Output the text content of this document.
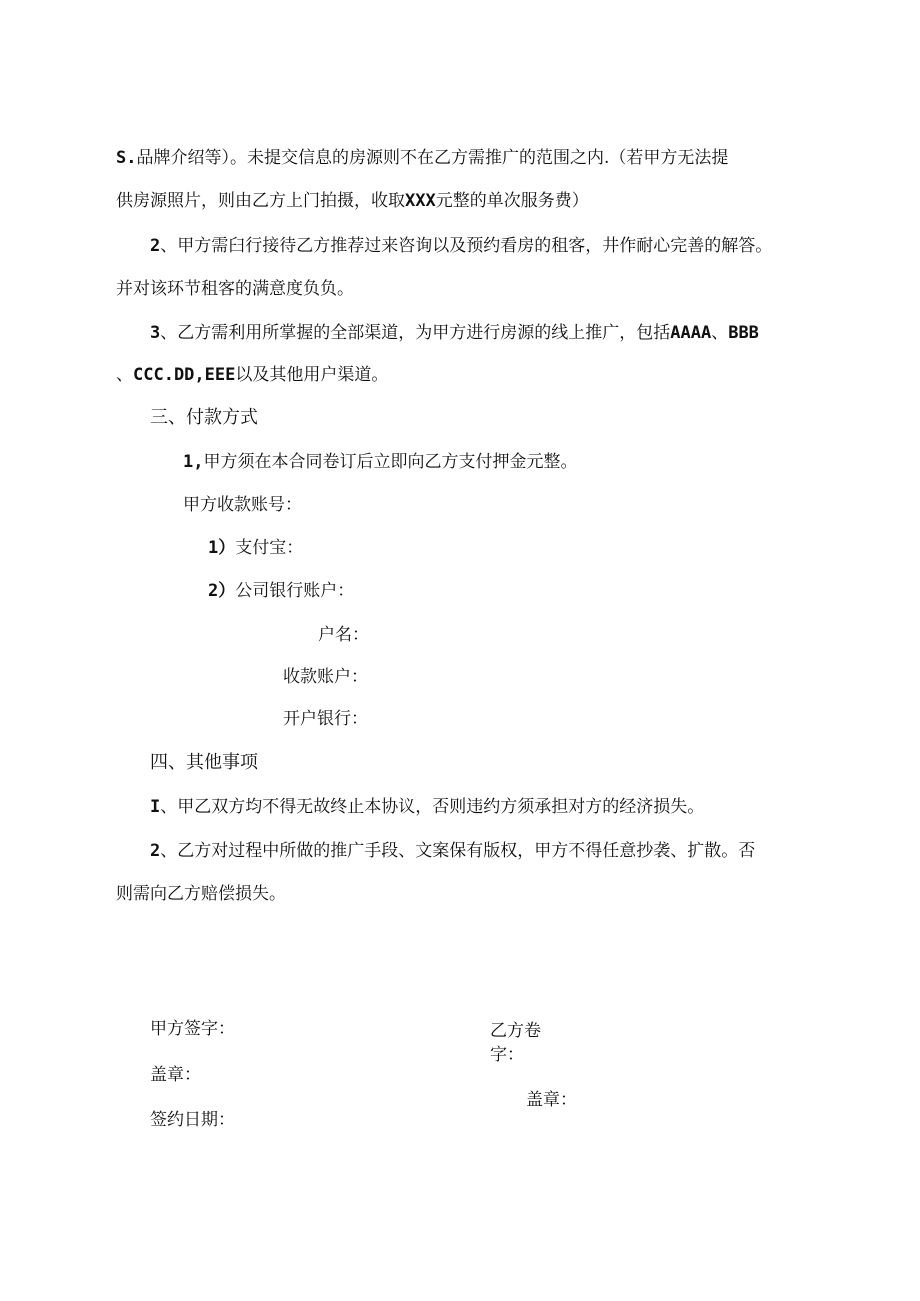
S.品牌介绍等）。未提交信息的房源则不在乙方需推广的范围之内.（若甲方无法提
供房源照片，则由乙方上门拍摄，收取XXX元整的单次服务费）
2、甲方需臼行接待乙方推荐过来咨询以及预约看房的租客，井作耐心完善的解答。
并对该环节租客的满意度负负。
3、乙方需利用所掌握的全部渠道，为甲方进行房源的线上推广，包括AAAA、BBB
、CCC.DD,EEE以及其他用户渠道。
三、付款方式
1,甲方须在本合同卷订后立即向乙方支付押金元整。
甲方收款账号：
1）支付宝：
2）公司银行账户：
户名：
收款账户：
开户银行：
四、其他事项
I、甲乙双方均不得无故终止本协议，否则违约方须承担对方的经济损失。
2、乙方对过程中所做的推广手段、文案保有版权，甲方不得任意抄袭、扩散。否
则需向乙方赔偿损失。
甲方签字：	乙方卷
字：
盖章：
盖章：
签约日期：
